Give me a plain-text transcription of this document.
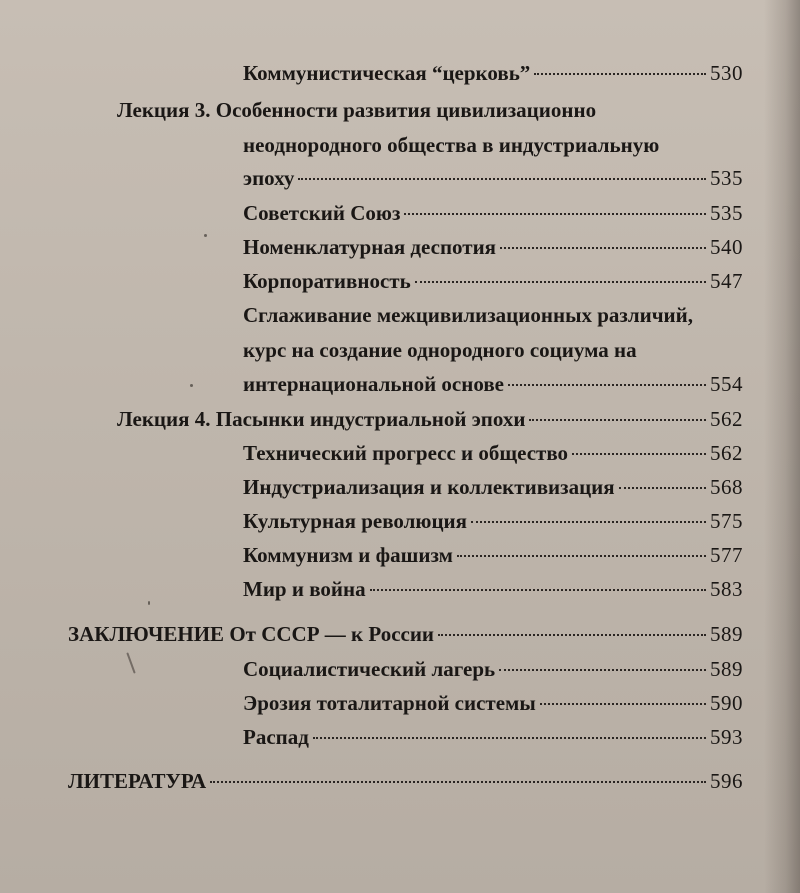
Коммунистическая “церковь”	530
Лекция 3. Особенности развития цивилизационно
неоднородного общества в индустриальную
эпоху	535
Советский Союз	535
Номенклатурная деспотия	540
Корпоративность	547
Сглаживание межцивилизационных различий,
курс на создание однородного социума на
интернациональной основе	554
Лекция 4. Пасынки индустриальной эпохи	562
Технический прогресс и общество	562
Индустриализация и коллективизация	568
Культурная революция	575
Коммунизм и фашизм	577
Мир и война	583
ЗАКЛЮЧЕНИЕ От СССР — к России	589
Социалистический лагерь	589
Эрозия тоталитарной системы	590
Распад	593
ЛИТЕРАТУРА	596
